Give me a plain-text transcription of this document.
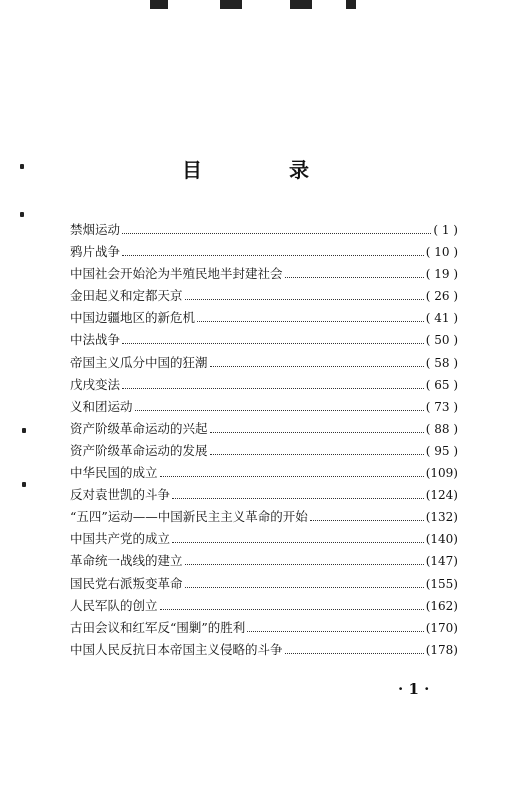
目 录
禁烟运动	( 1 )
鸦片战争	( 10 )
中国社会开始沦为半殖民地半封建社会	( 19 )
金田起义和定都天京	( 26 )
中国边疆地区的新危机	( 41 )
中法战争	( 50 )
帝国主义瓜分中国的狂潮	( 58 )
戊戌变法	( 65 )
义和团运动	( 73 )
资产阶级革命运动的兴起	( 88 )
资产阶级革命运动的发展	( 95 )
中华民国的成立	(109)
反对袁世凯的斗争	(124)
“五四”运动——中国新民主主义革命的开始	(132)
中国共产党的成立	(140)
革命统一战线的建立	(147)
国民党右派叛变革命	(155)
人民军队的创立	(162)
古田会议和红军反“围剿”的胜利	(170)
中国人民反抗日本帝国主义侵略的斗争	(178)
· 1 ·
